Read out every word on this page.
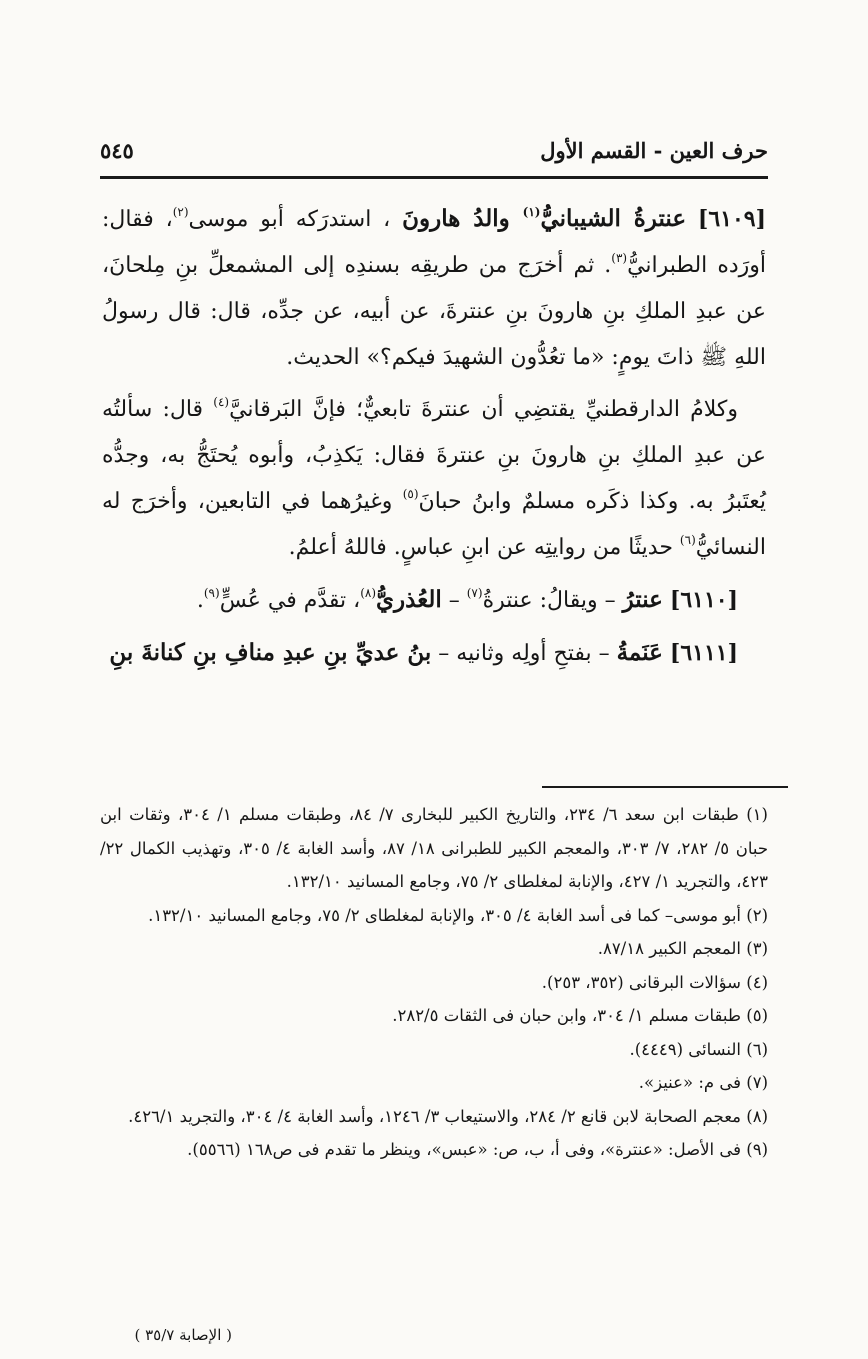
حرف العين - القسم الأول
٥٤٥

[٦١٠٩] عنترةُ الشيبانيُّ$^{(١)}$ والدُ هارونَ ، استدرَكه أبو موسى$^{(٢)}$، فقال: أورَده الطبرانيُّ$^{(٣)}$. ثم أخرَج من طريقِه بسندِه إلى المشمعلِّ بنِ مِلحانَ، عن عبدِ الملكِ بنِ هارونَ بنِ عنترةَ، عن أبيه، عن جدِّه، قال: قال رسولُ اللهِ ﷺ ذاتَ يومٍ: «ما تعُدُّون الشهيدَ فيكم؟» الحديث.

وكلامُ الدارقطنيِّ يقتضِي أن عنترةَ تابعيٌّ؛ فإنَّ البَرقانيَّ$^{(٤)}$ قال: سألتُه عن عبدِ الملكِ بنِ هارونَ بنِ عنترةَ فقال: يَكذِبُ، وأبوه يُحتَجُّ به، وجدُّه يُعتَبرُ به. وكذا ذكَره مسلمٌ وابنُ حبانَ$^{(٥)}$ وغيرُهما في التابعين، وأخرَج له النسائيُّ$^{(٦)}$ حديثًا من روايتِه عن ابنِ عباسٍ. فاللهُ أعلمُ.

[٦١١٠] عنترُ – ويقالُ: عنترةُ$^{(٧)}$ – العُذريُّ$^{(٨)}$، تقدَّم في عُسٍّ$^{(٩)}$.

[٦١١١] عَنَمةُ – بفتحِ أولِه وثانيه – بنُ عديِّ بنِ عبدِ منافِ بنِ كنانةَ بنِ

(١) طبقات ابن سعد ٦/ ٢٣٤، والتاريخ الكبير للبخارى ٧/ ٨٤، وطبقات مسلم ١/ ٣٠٤، وثقات ابن حبان ٥/ ٢٨٢، ٧/ ٣٠٣، والمعجم الكبير للطبرانى ١٨/ ٨٧، وأسد الغابة ٤/ ٣٠٥، وتهذيب الكمال ٢٢/ ٤٢٣، والتجريد ١/ ٤٢٧، والإنابة لمغلطاى ٢/ ٧٥، وجامع المسانيد ١٣٢/١٠.

(٢) أبو موسى– كما فى أسد الغابة ٤/ ٣٠٥، والإنابة لمغلطاى ٢/ ٧٥، وجامع المسانيد ١٣٢/١٠.

(٣) المعجم الكبير ٨٧/١٨.

(٤) سؤالات البرقانى (٣٥٢، ٢٥٣).

(٥) طبقات مسلم ١/ ٣٠٤، وابن حبان فى الثقات ٢٨٢/٥.

(٦) النسائى (٤٤٤٩).

(٧) فى م: «عنيز».

(٨) معجم الصحابة لابن قانع ٢/ ٢٨٤، والاستيعاب ٣/ ١٢٤٦، وأسد الغابة ٤/ ٣٠٤، والتجريد ٤٢٦/١.

(٩) فى الأصل: «عنترة»، وفى أ، ب، ص: «عبس»، وينظر ما تقدم فى ص١٦٨ (٥٥٦٦).

( الإصابة ٣٥/٧ )
